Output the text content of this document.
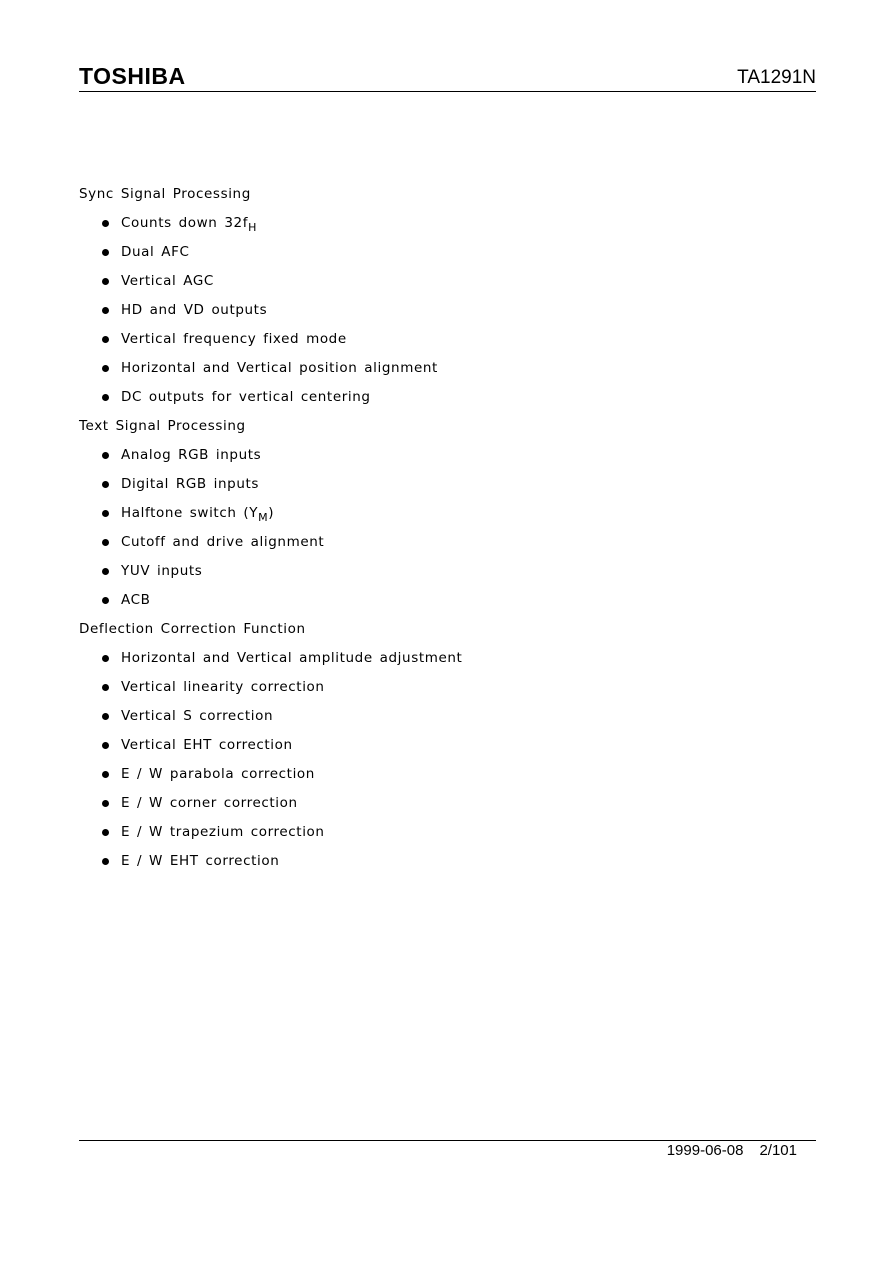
TOSHIBA	TA1291N
Sync Signal Processing
Counts down $32f_H$
Dual AFC
Vertical AGC
HD and VD outputs
Vertical frequency fixed mode
Horizontal and Vertical position alignment
DC outputs for vertical centering
Text Signal Processing
Analog RGB inputs
Digital RGB inputs
Halftone switch $(Y_M)$
Cutoff and drive alignment
YUV inputs
ACB
Deflection Correction Function
Horizontal and Vertical amplitude adjustment
Vertical linearity correction
Vertical S correction
Vertical EHT correction
E / W parabola correction
E / W corner correction
E / W trapezium correction
E / W EHT correction
1999-06-08 2/101
